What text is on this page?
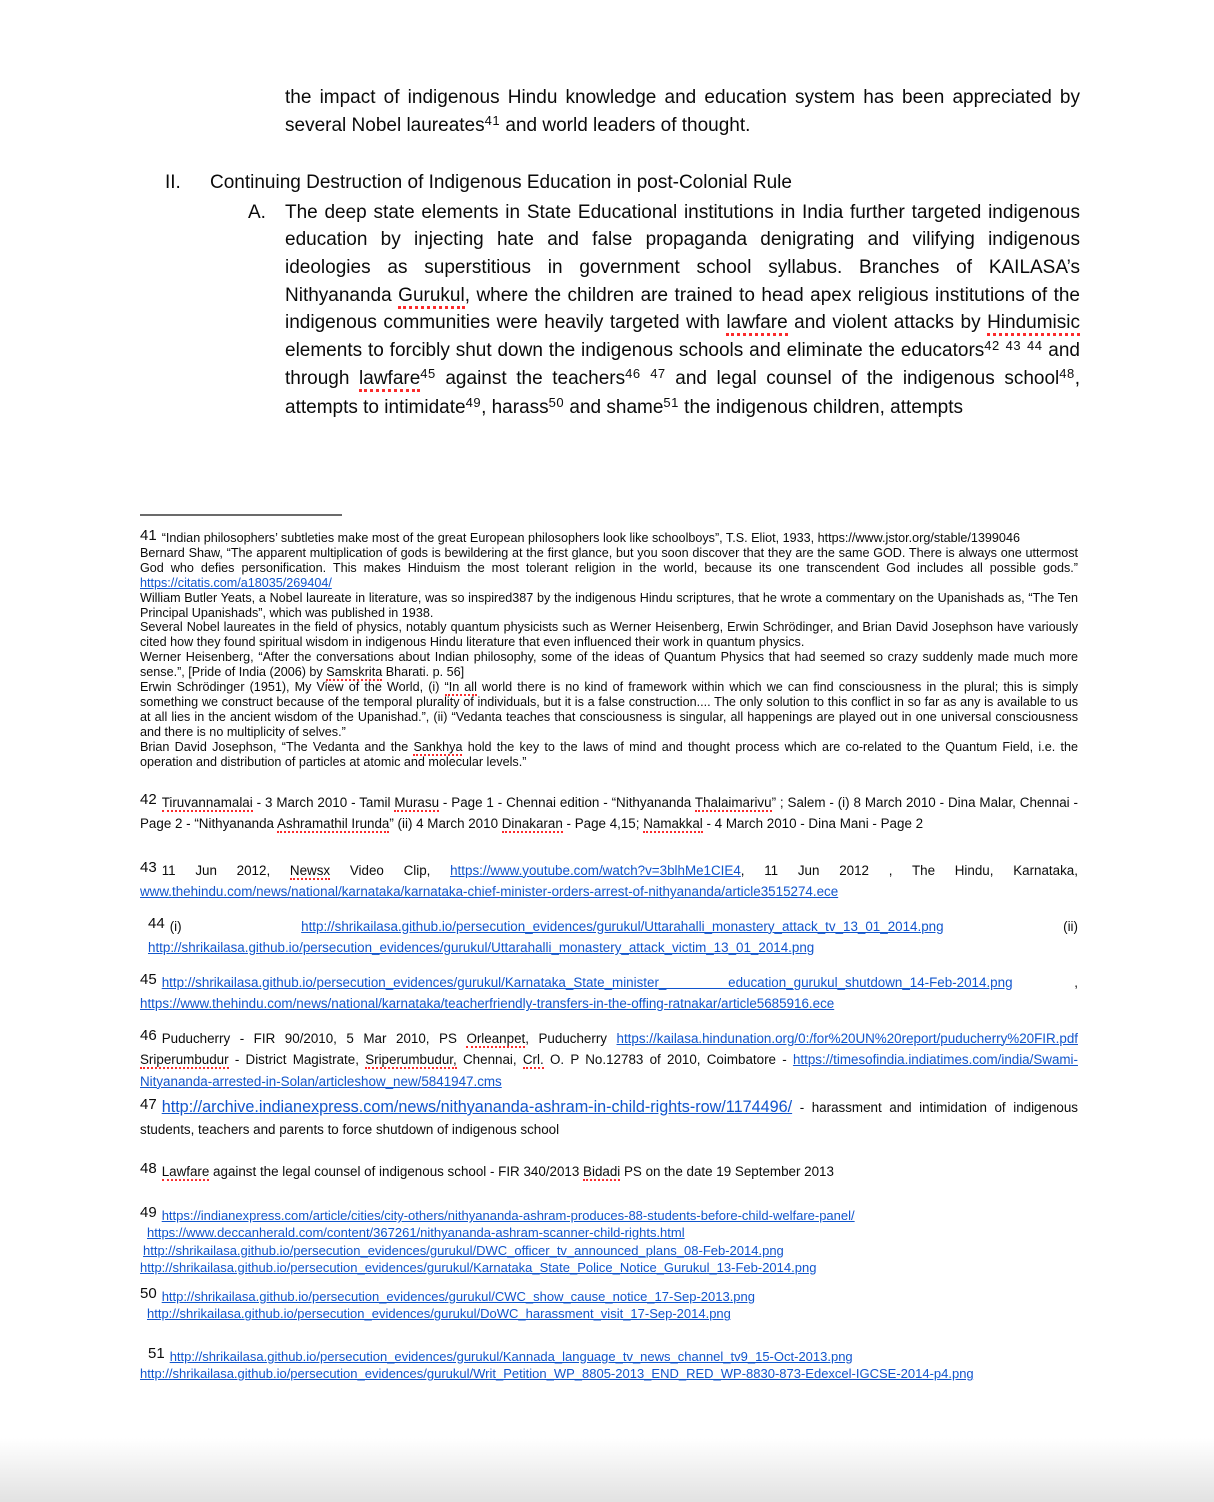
the impact of indigenous Hindu knowledge and education system has been appreciated by several Nobel laureates$^{41}$ and world leaders of thought.
II. Continuing Destruction of Indigenous Education in post-Colonial Rule
A. The deep state elements in State Educational institutions in India further targeted indigenous education by injecting hate and false propaganda denigrating and vilifying indigenous ideologies as superstitious in government school syllabus. Branches of KAILASA’s Nithyananda Gurukul, where the children are trained to head apex religious institutions of the indigenous communities were heavily targeted with lawfare and violent attacks by Hindumisic elements to forcibly shut down the indigenous schools and eliminate the educators$^{42}$ $^{43}$ $^{44}$ and through lawfare$^{45}$ against the teachers$^{46}$ $^{47}$ and legal counsel of the indigenous school$^{48}$, attempts to intimidate$^{49}$, harass$^{50}$ and shame$^{51}$ the indigenous children, attempts
41 “Indian philosophers’ subtleties make most of the great European philosophers look like schoolboys”, T.S. Eliot, 1933, https://www.jstor.org/stable/1399046
Bernard Shaw, “The apparent multiplication of gods is bewildering at the first glance, but you soon discover that they are the same GOD. There is always one uttermost God who defies personification. This makes Hinduism the most tolerant religion in the world, because its one transcendent God includes all possible gods.” https://citatis.com/a18035/269404/
William Butler Yeats, a Nobel laureate in literature, was so inspired387 by the indigenous Hindu scriptures, that he wrote a commentary on the Upanishads as, “The Ten Principal Upanishads”, which was published in 1938.
Several Nobel laureates in the field of physics, notably quantum physicists such as Werner Heisenberg, Erwin Schrödinger, and Brian David Josephson have variously cited how they found spiritual wisdom in indigenous Hindu literature that even influenced their work in quantum physics.
Werner Heisenberg, “After the conversations about Indian philosophy, some of the ideas of Quantum Physics that had seemed so crazy suddenly made much more sense.”, [Pride of India (2006) by Samskrita Bharati. p. 56]
Erwin Schrödinger (1951), My View of the World, (i) “In all world there is no kind of framework within which we can find consciousness in the plural; this is simply something we construct because of the temporal plurality of individuals, but it is a false construction.... The only solution to this conflict in so far as any is available to us at all lies in the ancient wisdom of the Upanishad.”, (ii) “Vedanta teaches that consciousness is singular, all happenings are played out in one universal consciousness and there is no multiplicity of selves.”
Brian David Josephson, “The Vedanta and the Sankhya hold the key to the laws of mind and thought process which are co-related to the Quantum Field, i.e. the operation and distribution of particles at atomic and molecular levels.”
42 Tiruvannamalai - 3 March 2010 - Tamil Murasu - Page 1 - Chennai edition - “Nithyananda Thalaimarivu” ; Salem - (i) 8 March 2010 - Dina Malar, Chennai - Page 2 - “Nithyananda Ashramathil Irunda” (ii) 4 March 2010 Dinakaran - Page 4,15; Namakkal - 4 March 2010 - Dina Mani - Page 2
43 11 Jun 2012, Newsx Video Clip, https://www.youtube.com/watch?v=3blhMe1CIE4, 11 Jun 2012 , The Hindu, Karnataka, www.thehindu.com/news/national/karnataka/karnataka-chief-minister-orders-arrest-of-nithyananda/article3515274.ece
44 (i) http://shrikailasa.github.io/persecution_evidences/gurukul/Uttarahalli_monastery_attack_tv_13_01_2014.png (ii) http://shrikailasa.github.io/persecution_evidences/gurukul/Uttarahalli_monastery_attack_victim_13_01_2014.png
45 http://shrikailasa.github.io/persecution_evidences/gurukul/Karnataka_State_minister_ education_gurukul_shutdown_14-Feb-2014.png , https://www.thehindu.com/news/national/karnataka/teacherfriendly-transfers-in-the-offing-ratnakar/article5685916.ece
46 Puducherry - FIR 90/2010, 5 Mar 2010, PS Orleanpet, Puducherry https://kailasa.hindunation.org/0:/for%20UN%20report/puducherry%20FIR.pdf Sriperumbudur - District Magistrate, Sriperumbudur, Chennai, Crl. O. P No.12783 of 2010, Coimbatore - https://timesofindia.indiatimes.com/india/Swami-Nityananda-arrested-in-Solan/articleshow_new/5841947.cms
47 http://archive.indianexpress.com/news/nithyananda-ashram-in-child-rights-row/1174496/ - harassment and intimidation of indigenous students, teachers and parents to force shutdown of indigenous school
48 Lawfare against the legal counsel of indigenous school - FIR 340/2013 Bidadi PS on the date 19 September 2013
49 https://indianexpress.com/article/cities/city-others/nithyananda-ashram-produces-88-students-before-child-welfare-panel/
https://www.deccanherald.com/content/367261/nithyananda-ashram-scanner-child-rights.html
http://shrikailasa.github.io/persecution_evidences/gurukul/DWC_officer_tv_announced_plans_08-Feb-2014.png
http://shrikailasa.github.io/persecution_evidences/gurukul/Karnataka_State_Police_Notice_Gurukul_13-Feb-2014.png
50 http://shrikailasa.github.io/persecution_evidences/gurukul/CWC_show_cause_notice_17-Sep-2013.png
http://shrikailasa.github.io/persecution_evidences/gurukul/DoWC_harassment_visit_17-Sep-2014.png
51 http://shrikailasa.github.io/persecution_evidences/gurukul/Kannada_language_tv_news_channel_tv9_15-Oct-2013.png
http://shrikailasa.github.io/persecution_evidences/gurukul/Writ_Petition_WP_8805-2013_END_RED_WP-8830-873-Edexcel-IGCSE-2014-p4.png
